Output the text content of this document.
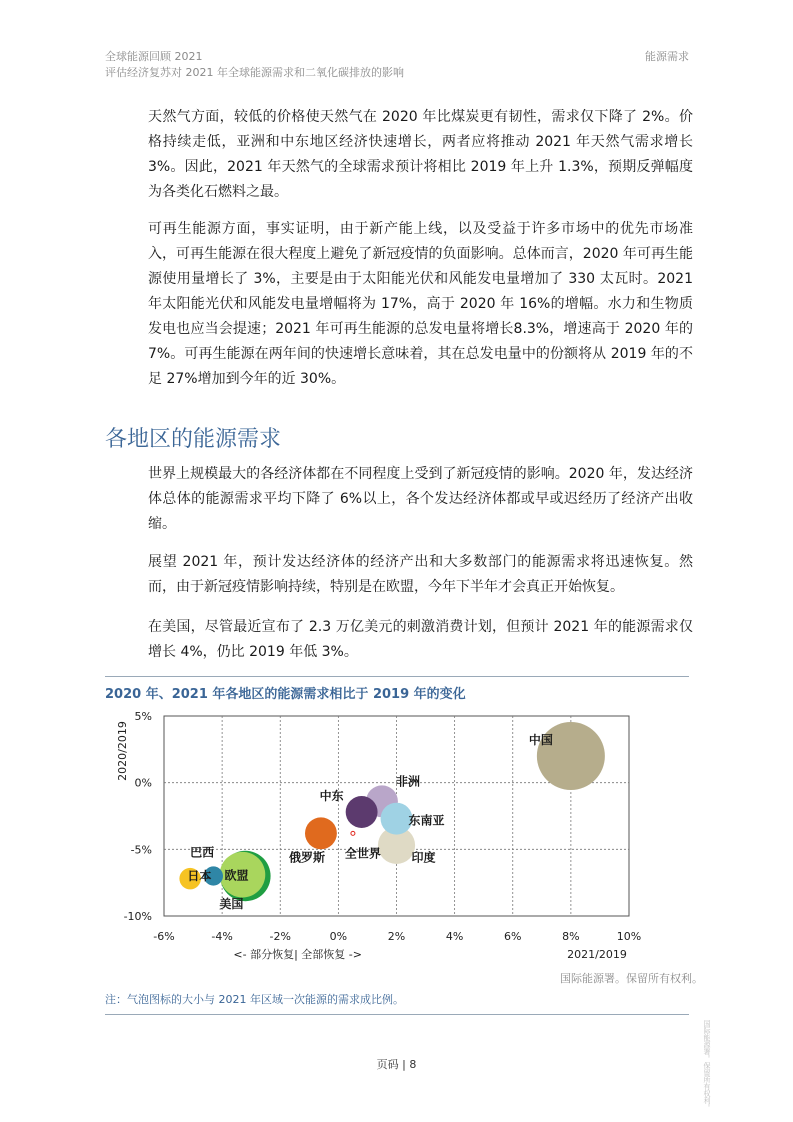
全球能源回顾 2021
评估经济复苏对 2021 年全球能源需求和二氧化碳排放的影响
能源需求

天然气方面，较低的价格使天然气在 2020 年比煤炭更有韧性，需求仅下降了 2%。价格持续走低，亚洲和中东地区经济快速增长，两者应将推动 2021 年天然气需求增长 3%。因此，2021 年天然气的全球需求预计将相比 2019 年上升 1.3%，预期反弹幅度为各类化石燃料之最。

可再生能源方面，事实证明，由于新产能上线，以及受益于许多市场中的优先市场准入，可再生能源在很大程度上避免了新冠疫情的负面影响。总体而言，2020 年可再生能源使用量增长了 3%，主要是由于太阳能光伏和风能发电量增加了 330 太瓦时。2021 年太阳能光伏和风能发电量增幅将为 17%，高于 2020 年 16%的增幅。水力和生物质发电也应当会提速；2021 年可再生能源的总发电量将增长8.3%，增速高于 2020 年的 7%。可再生能源在两年间的快速增长意味着，其在总发电量中的份额将从 2019 年的不足 27%增加到今年的近 30%。

各地区的能源需求

世界上规模最大的各经济体都在不同程度上受到了新冠疫情的影响。2020 年，发达经济体总体的能源需求平均下降了 6%以上，各个发达经济体都或早或迟经历了经济产出收缩。

展望 2021 年，预计发达经济体的经济产出和大多数部门的能源需求将迅速恢复。然而，由于新冠疫情影响持续，特别是在欧盟，今年下半年才会真正开始恢复。

在美国，尽管最近宣布了 2.3 万亿美元的刺激消费计划，但预计 2021 年的能源需求仅增长 4%，仍比 2019 年低 3%。

2020 年、2021 年各地区的能源需求相比于 2019 年的变化
-6%	-4%	-2%	0%	2%	4%	6%	8%	10%
5%
0%
-5%
-10%
2020/2019
2021/2019
<- 部分恢复| 全部恢复 ->
中国
非洲
中东
东南亚
俄罗斯	印度
全世界
美国
欧盟
巴西
日本
国际能源署。保留所有权利。
注：气泡图标的大小与 2021 年区域一次能源的需求成比例。
页码 | 8	国际能源署。保留所有权利。
